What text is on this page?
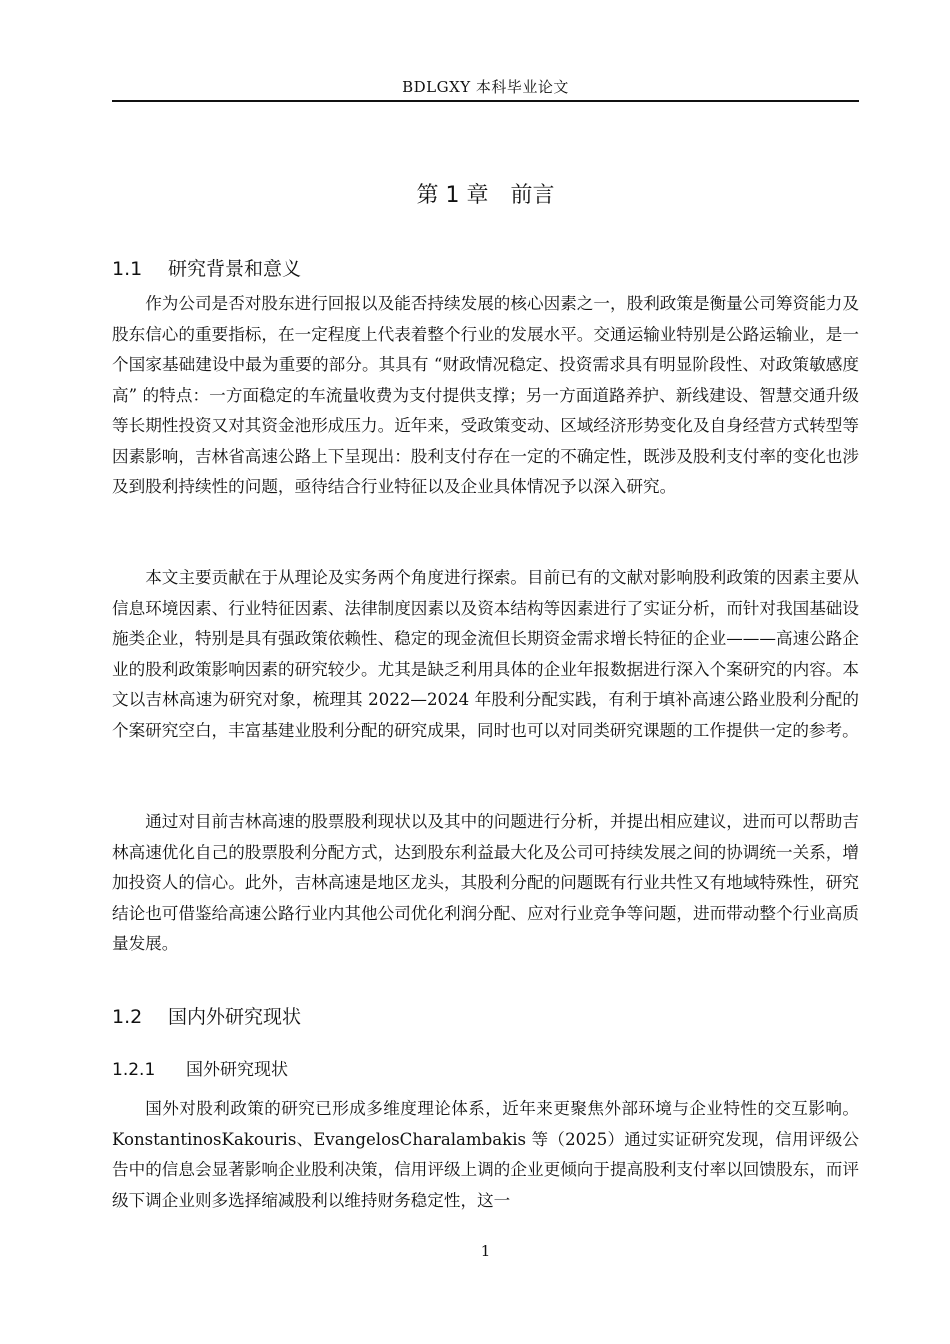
BDLGXY 本科毕业论文
第 1 章 前言
1.1 研究背景和意义

作为公司是否对股东进行回报以及能否持续发展的核心因素之一，股利政策是衡量公司筹资能力及股东信心的重要指标，在一定程度上代表着整个行业的发展水平。交通运输业特别是公路运输业，是一个国家基础建设中最为重要的部分。其具有 “财政情况稳定、投资需求具有明显阶段性、对政策敏感度高” 的特点：一方面稳定的车流量收费为支付提供支撑；另一方面道路养护、新线建设、智慧交通升级等长期性投资又对其资金池形成压力。近年来，受政策变动、区域经济形势变化及自身经营方式转型等因素影响，吉林省高速公路上下呈现出：股利支付存在一定的不确定性，既涉及股利支付率的变化也涉及到股利持续性的问题，亟待结合行业特征以及企业具体情况予以深入研究。

本文主要贡献在于从理论及实务两个角度进行探索。目前已有的文献对影响股利政策的因素主要从信息环境因素、行业特征因素、法律制度因素以及资本结构等因素进行了实证分析，而针对我国基础设施类企业，特别是具有强政策依赖性、稳定的现金流但长期资金需求增长特征的企业———高速公路企业的股利政策影响因素的研究较少。尤其是缺乏利用具体的企业年报数据进行深入个案研究的内容。本文以吉林高速为研究对象，梳理其 2022—2024 年股利分配实践，有利于填补高速公路业股利分配的个案研究空白，丰富基建业股利分配的研究成果，同时也可以对同类研究课题的工作提供一定的参考。

通过对目前吉林高速的股票股利现状以及其中的问题进行分析，并提出相应建议，进而可以帮助吉林高速优化自己的股票股利分配方式，达到股东利益最大化及公司可持续发展之间的协调统一关系，增加投资人的信心。此外，吉林高速是地区龙头，其股利分配的问题既有行业共性又有地域特殊性，研究结论也可借鉴给高速公路行业内其他公司优化利润分配、应对行业竞争等问题，进而带动整个行业高质量发展。

1.2 国内外研究现状
1.2.1 国外研究现状

国外对股利政策的研究已形成多维度理论体系，近年来更聚焦外部环境与企业特性的交互影响。KonstantinosKakouris、EvangelosCharalambakis 等（2025）通过实证研究发现，信用评级公告中的信息会显著影响企业股利决策，信用评级上调的企业更倾向于提高股利支付率以回馈股东，而评级下调企业则多选择缩减股利以维持财务稳定性，这一

1
